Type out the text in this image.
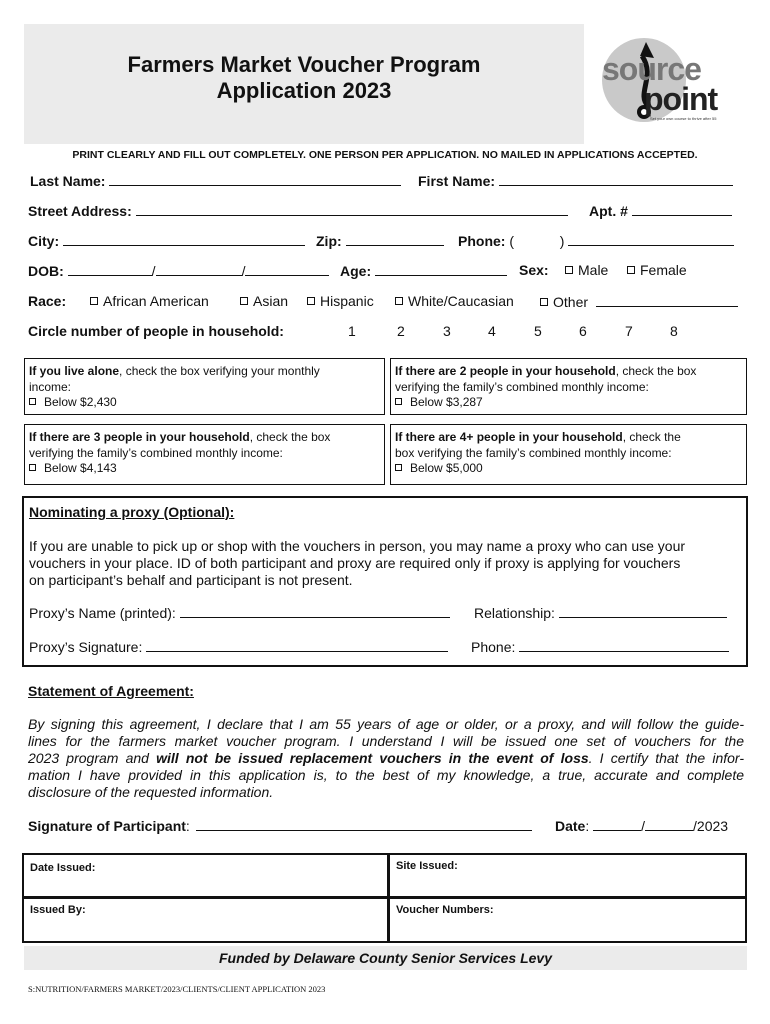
Farmers Market Voucher Program
Application 2023
source
point
Set your own course to thrive after 55
PRINT CLEARLY AND FILL OUT COMPLETELY. ONE PERSON PER APPLICATION. NO MAILED IN APPLICATIONS ACCEPTED.
Last Name:	First Name:
Street Address:	Apt. #
City:	Zip:	Phone: (	)
DOB:	/	/	Age:	Sex:	Male	Female
Race:	African American	Asian	Hispanic	White/Caucasian	Other
Circle number of people in household:	1	2	3	4	5	6	7	8
If you live alone, check the box verifying your monthly
income:
Below $2,430
If there are 2 people in your household, check the box
verifying the family’s combined monthly income:
Below $3,287
If there are 3 people in your household, check the box
verifying the family’s combined monthly income:
Below $4,143
If there are 4+ people in your household, check the
box verifying the family’s combined monthly income:
Below $5,000
Nominating a proxy (Optional):
If you are unable to pick up or shop with the vouchers in person, you may name a proxy who can use your
vouchers in your place. ID of both participant and proxy are required only if proxy is applying for vouchers
on participant’s behalf and participant is not present.
Proxy’s Name (printed):	Relationship:
Proxy’s Signature:	Phone:
Statement of Agreement:
By signing this agreement, I declare that I am 55 years of age or older, or a proxy, and will follow the guide-
lines for the farmers market voucher program. I understand I will be issued one set of vouchers for the
2023 program and will not be issued replacement vouchers in the event of loss. I certify that the infor-
mation I have provided in this application is, to the best of my knowledge, a true, accurate and complete
disclosure of the requested information.
Signature of Participant:	Date:	/	/2023
Date Issued:	Site Issued:
Issued By:	Voucher Numbers:
Funded by Delaware County Senior Services Levy
S:NUTRITION/FARMERS MARKET/2023/CLIENTS/CLIENT APPLICATION 2023
